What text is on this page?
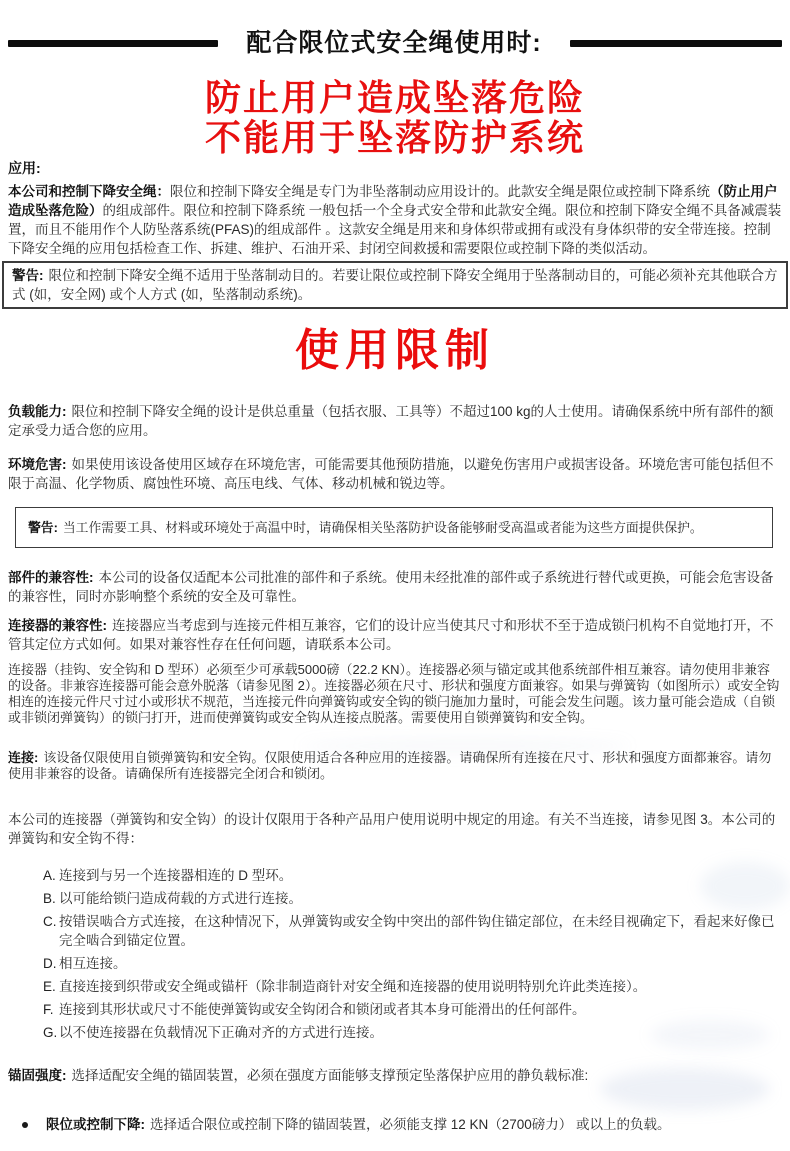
配合限位式安全绳使用时:
防止用户造成坠落危险
不能用于坠落防护系统
应用:

本公司和控制下降安全绳：限位和控制下降安全绳是专门为非坠落制动应用设计的。此款安全绳是限位或控制下降系统（防止用户造成坠落危险）的组成部件。限位和控制下降系统 一般包括一个全身式安全带和此款安全绳。限位和控制下降安全绳不具备减震装置，而且不能用作个人防坠落系统(PFAS)的组成部件 。这款安全绳是用来和身体织带或拥有或没有身体织带的安全带连接。控制下降安全绳的应用包括检查工作、拆建、维护、石油开采、封闭空间救援和需要限位或控制下降的类似活动。

警告: 限位和控制下降安全绳不适用于坠落制动目的。若要让限位或控制下降安全绳用于坠落制动目的，可能必须补充其他联合方式 (如，安全网) 或个人方式 (如，坠落制动系统)。
使用限制

负载能力: 限位和控制下降安全绳的设计是供总重量（包括衣服、工具等）不超过100 kg的人士使用。请确保系统中所有部件的额定承受力适合您的应用。

环境危害: 如果使用该设备使用区域存在环境危害，可能需要其他预防措施，以避免伤害用户或损害设备。环境危害可能包括但不限于高温、化学物质、腐蚀性环境、高压电线、气体、移动机械和锐边等。

警告: 当工作需要工具、材料或环境处于高温中时，请确保相关坠落防护设备能够耐受高温或者能为这些方面提供保护。

部件的兼容性: 本公司的设备仅适配本公司批准的部件和子系统。使用未经批准的部件或子系统进行替代或更换，可能会危害设备的兼容性，同时亦影响整个系统的安全及可靠性。

连接器的兼容性: 连接器应当考虑到与连接元件相互兼容，它们的设计应当使其尺寸和形状不至于造成锁闩机构不自觉地打开，不管其定位方式如何。如果对兼容性存在任何问题，请联系本公司。

连接器（挂钩、安全钩和 D 型环）必须至少可承载5000磅（22.2 KN）。连接器必须与锚定或其他系统部件相互兼容。请勿使用非兼容的设备。非兼容连接器可能会意外脱落（请参见图 2）。连接器必须在尺寸、形状和强度方面兼容。如果与弹簧钩（如图所示）或安全钩相连的连接元件尺寸过小或形状不规范，当连接元件向弹簧钩或安全钩的锁闩施加力量时，可能会发生问题。该力量可能会造成（自锁或非锁闭弹簧钩）的锁闩打开，进而使弹簧钩或安全钩从连接点脱落。需要使用自锁弹簧钩和安全钩。

连接: 该设备仅限使用自锁弹簧钩和安全钩。仅限使用适合各种应用的连接器。请确保所有连接在尺寸、形状和强度方面都兼容。请勿使用非兼容的设备。请确保所有连接器完全闭合和锁闭。

本公司的连接器（弹簧钩和安全钩）的设计仅限用于各种产品用户使用说明中规定的用途。有关不当连接，请参见图 3。本公司的弹簧钩和安全钩不得：

A. 连接到与另一个连接器相连的 D 型环。
B. 以可能给锁闩造成荷载的方式进行连接。
C. 按错误啮合方式连接，在这种情况下，从弹簧钩或安全钩中突出的部件钩住锚定部位，在未经目视确定下，看起来好像已完全啮合到锚定位置。
D. 相互连接。
E. 直接连接到织带或安全绳或锚杆（除非制造商针对安全绳和连接器的使用说明特别允许此类连接）。
F. 连接到其形状或尺寸不能使弹簧钩或安全钩闭合和锁闭或者其本身可能滑出的任何部件。
G. 以不使连接器在负载情况下正确对齐的方式进行连接。

锚固强度: 选择适配安全绳的锚固装置，必须在强度方面能够支撑预定坠落保护应用的静负载标准:

限位或控制下降: 选择适合限位或控制下降的锚固装置，必须能支撑 12 KN（2700磅力） 或以上的负载。
